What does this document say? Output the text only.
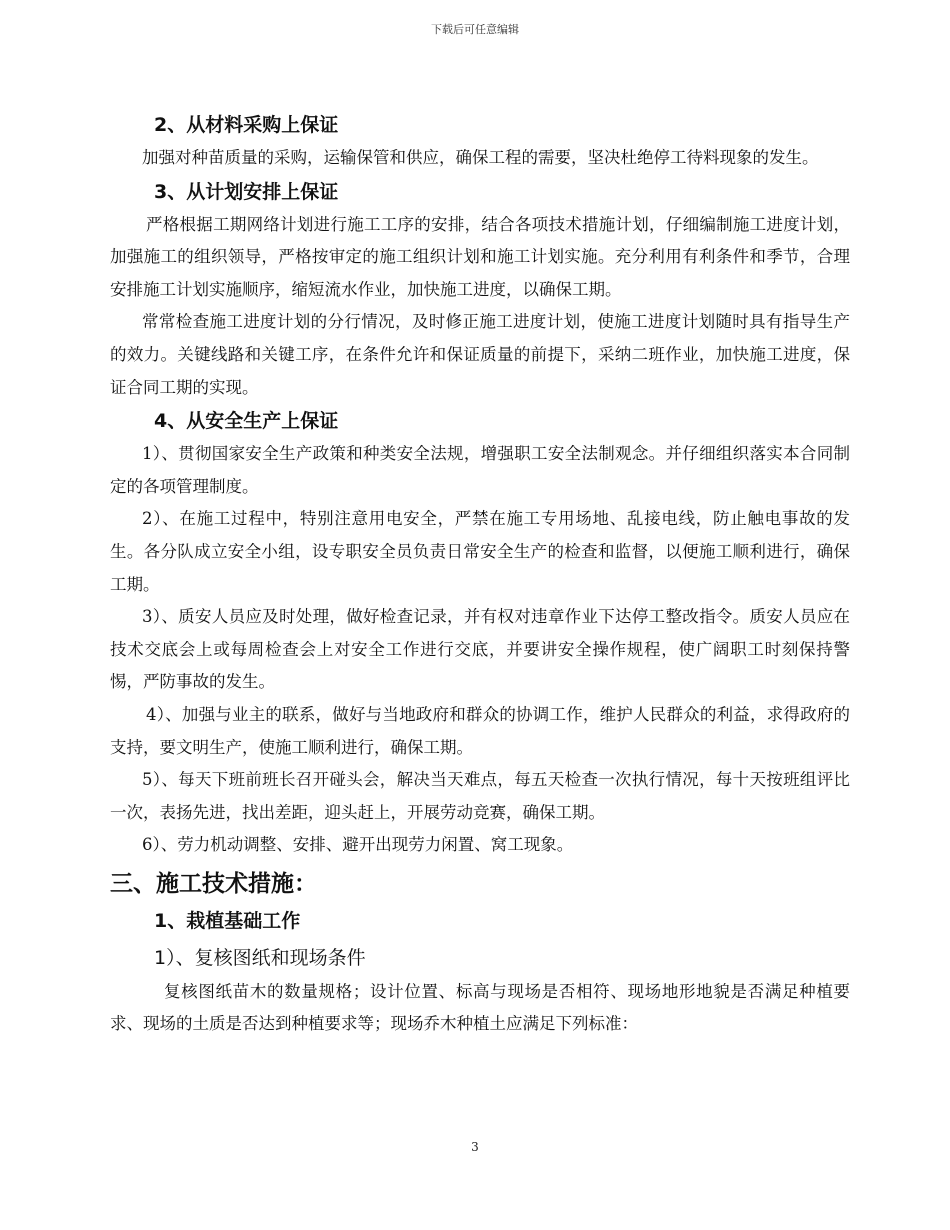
下载后可任意编辑

2、从材料采购上保证

加强对种苗质量的采购，运输保管和供应，确保工程的需要，坚决杜绝停工待料现象的发生。

3、从计划安排上保证

严格根据工期网络计划进行施工工序的安排，结合各项技术措施计划，仔细编制施工进度计划，加强施工的组织领导，严格按审定的施工组织计划和施工计划实施。充分利用有利条件和季节，合理安排施工计划实施顺序，缩短流水作业，加快施工进度，以确保工期。

常常检查施工进度计划的分行情况，及时修正施工进度计划，使施工进度计划随时具有指导生产的效力。关键线路和关键工序，在条件允许和保证质量的前提下，采纳二班作业，加快施工进度，保证合同工期的实现。

4、从安全生产上保证

1）、贯彻国家安全生产政策和种类安全法规，增强职工安全法制观念。并仔细组织落实本合同制定的各项管理制度。

2）、在施工过程中，特别注意用电安全，严禁在施工专用场地、乱接电线，防止触电事故的发生。各分队成立安全小组，设专职安全员负责日常安全生产的检查和监督，以便施工顺利进行，确保工期。

3）、质安人员应及时处理，做好检查记录，并有权对违章作业下达停工整改指令。质安人员应在技术交底会上或每周检查会上对安全工作进行交底，并要讲安全操作规程，使广阔职工时刻保持警惕，严防事故的发生。

4）、加强与业主的联系，做好与当地政府和群众的协调工作，维护人民群众的利益，求得政府的支持，要文明生产，使施工顺利进行，确保工期。

5）、每天下班前班长召开碰头会，解决当天难点，每五天检查一次执行情况，每十天按班组评比一次，表扬先进，找出差距，迎头赶上，开展劳动竞赛，确保工期。

6）、劳力机动调整、安排、避开出现劳力闲置、窝工现象。

三、施工技术措施：

1、栽植基础工作

1）、复核图纸和现场条件

复核图纸苗木的数量规格；设计位置、标高与现场是否相符、现场地形地貌是否满足种植要求、现场的土质是否达到种植要求等；现场乔木种植土应满足下列标准：

3
